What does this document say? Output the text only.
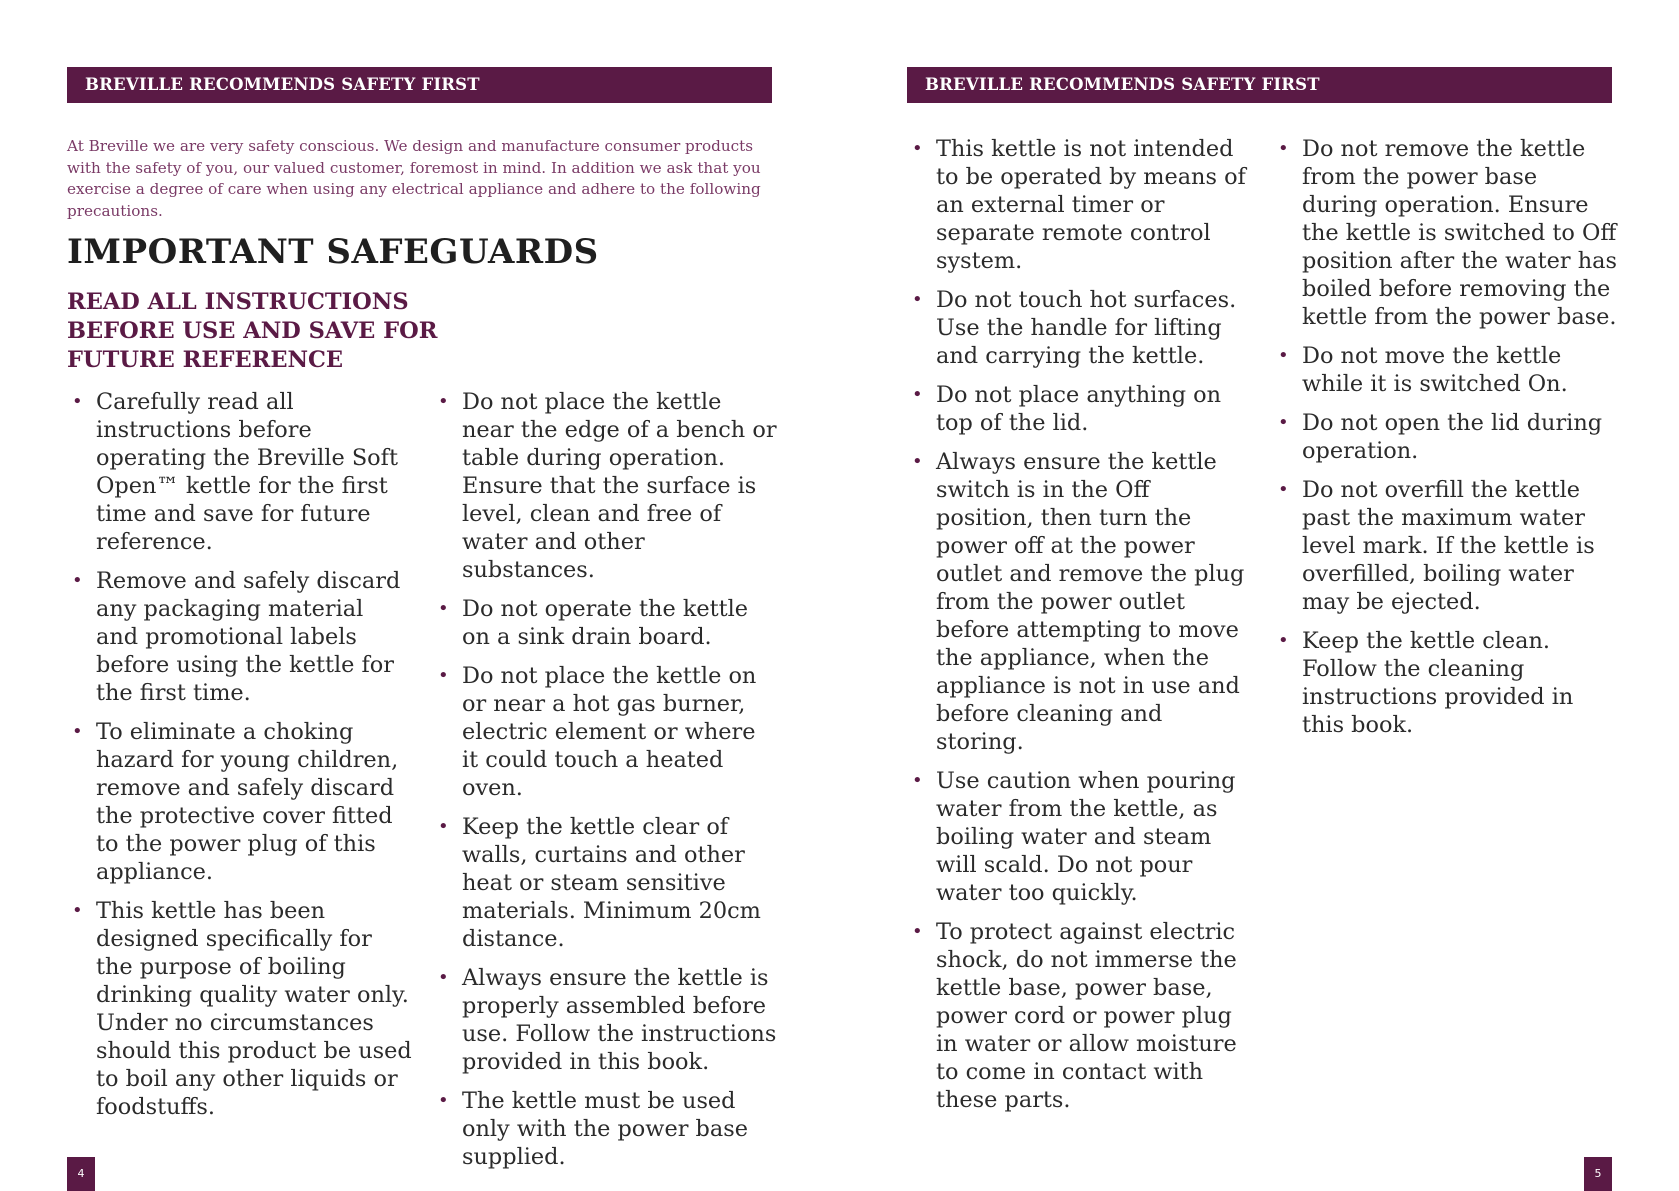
BREVILLE RECOMMENDS SAFETY FIRST

At Breville we are very safety conscious. We design and manufacture consumer products with the safety of you, our valued customer, foremost in mind. In addition we ask that you exercise a degree of care when using any electrical appliance and adhere to the following precautions.

IMPORTANT SAFEGUARDS
READ ALL INSTRUCTIONS BEFORE USE AND SAVE FOR FUTURE REFERENCE
• Carefully read all instructions before operating the Breville Soft Open™ kettle for the first time and save for future reference.
• Remove and safely discard any packaging material and promotional labels before using the kettle for the first time.
• To eliminate a choking hazard for young children, remove and safely discard the protective cover fitted to the power plug of this appliance.
• This kettle has been designed specifically for the purpose of boiling drinking quality water only. Under no circumstances should this product be used to boil any other liquids or foodstuffs.
• Do not place the kettle near the edge of a bench or table during operation. Ensure that the surface is level, clean and free of water and other substances.
• Do not operate the kettle on a sink drain board.
• Do not place the kettle on or near a hot gas burner, electric element or where it could touch a heated oven.
• Keep the kettle clear of walls, curtains and other heat or steam sensitive materials. Minimum 20cm distance.
• Always ensure the kettle is properly assembled before use. Follow the instructions provided in this book.
• The kettle must be used only with the power base supplied.
4
BREVILLE RECOMMENDS SAFETY FIRST
• This kettle is not intended to be operated by means of an external timer or separate remote control system.
• Do not touch hot surfaces. Use the handle for lifting and carrying the kettle.
• Do not place anything on top of the lid.
• Always ensure the kettle switch is in the Off position, then turn the power off at the power outlet and remove the plug from the power outlet before attempting to move the appliance, when the appliance is not in use and before cleaning and storing.
• Use caution when pouring water from the kettle, as boiling water and steam will scald. Do not pour water too quickly.
• To protect against electric shock, do not immerse the kettle base, power base, power cord or power plug in water or allow moisture to come in contact with these parts.
• Do not remove the kettle from the power base during operation. Ensure the kettle is switched to Off position after the water has boiled before removing the kettle from the power base.
• Do not move the kettle while it is switched On.
• Do not open the lid during operation.
• Do not overfill the kettle past the maximum water level mark. If the kettle is overfilled, boiling water may be ejected.
• Keep the kettle clean. Follow the cleaning instructions provided in this book.
5
